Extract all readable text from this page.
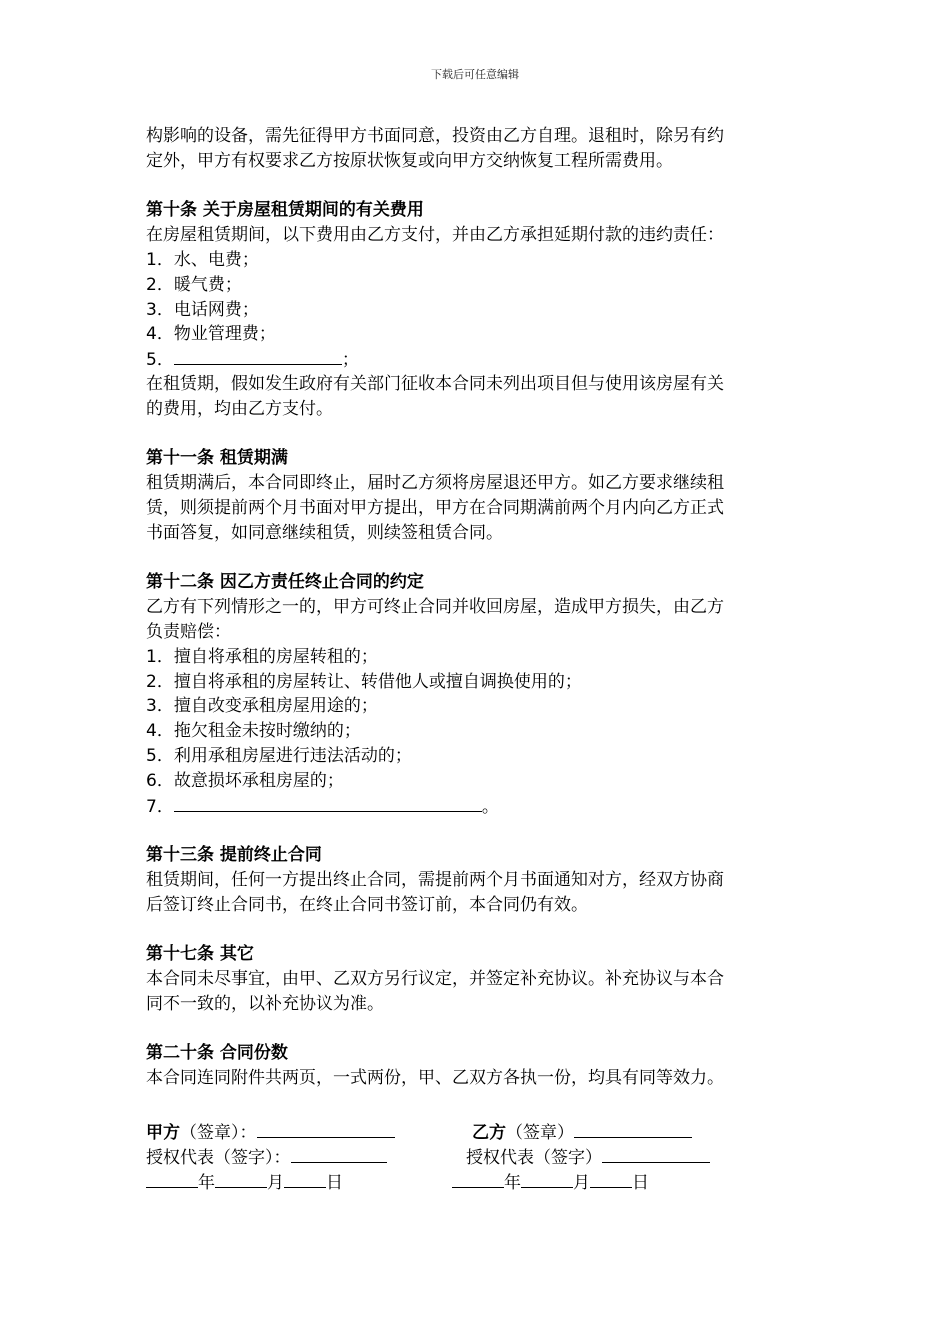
下载后可任意编辑
构影响的设备，需先征得甲方书面同意，投资由乙方自理。退租时，除另有约
定外，甲方有权要求乙方按原状恢复或向甲方交纳恢复工程所需费用。
第十条 关于房屋租赁期间的有关费用
在房屋租赁期间，以下费用由乙方支付，并由乙方承担延期付款的违约责任：
1．水、电费；
2．暖气费；
3．电话网费；
4．物业管理费；
5．	；
在租赁期，假如发生政府有关部门征收本合同未列出项目但与使用该房屋有关
的费用，均由乙方支付。
第十一条 租赁期满
租赁期满后，本合同即终止，届时乙方须将房屋退还甲方。如乙方要求继续租
赁，则须提前两个月书面对甲方提出，甲方在合同期满前两个月内向乙方正式
书面答复，如同意继续租赁，则续签租赁合同。
第十二条 因乙方责任终止合同的约定
乙方有下列情形之一的，甲方可终止合同并收回房屋，造成甲方损失，由乙方
负责赔偿：
1．擅自将承租的房屋转租的；
2．擅自将承租的房屋转让、转借他人或擅自调换使用的；
3．擅自改变承租房屋用途的；
4．拖欠租金未按时缴纳的；
5．利用承租房屋进行违法活动的；
6．故意损坏承租房屋的；
7．	。
第十三条 提前终止合同
租赁期间，任何一方提出终止合同，需提前两个月书面通知对方，经双方协商
后签订终止合同书，在终止合同书签订前，本合同仍有效。
第十七条 其它
本合同未尽事宜，由甲、乙双方另行议定，并签定补充协议。补充协议与本合
同不一致的，以补充协议为准。
第二十条 合同份数
本合同连同附件共两页，一式两份，甲、乙双方各执一份，均具有同等效力。
甲方（签章）：	乙方（签章）
授权代表（签字）：	授权代表（签字）
年	月 日	年	月 日
